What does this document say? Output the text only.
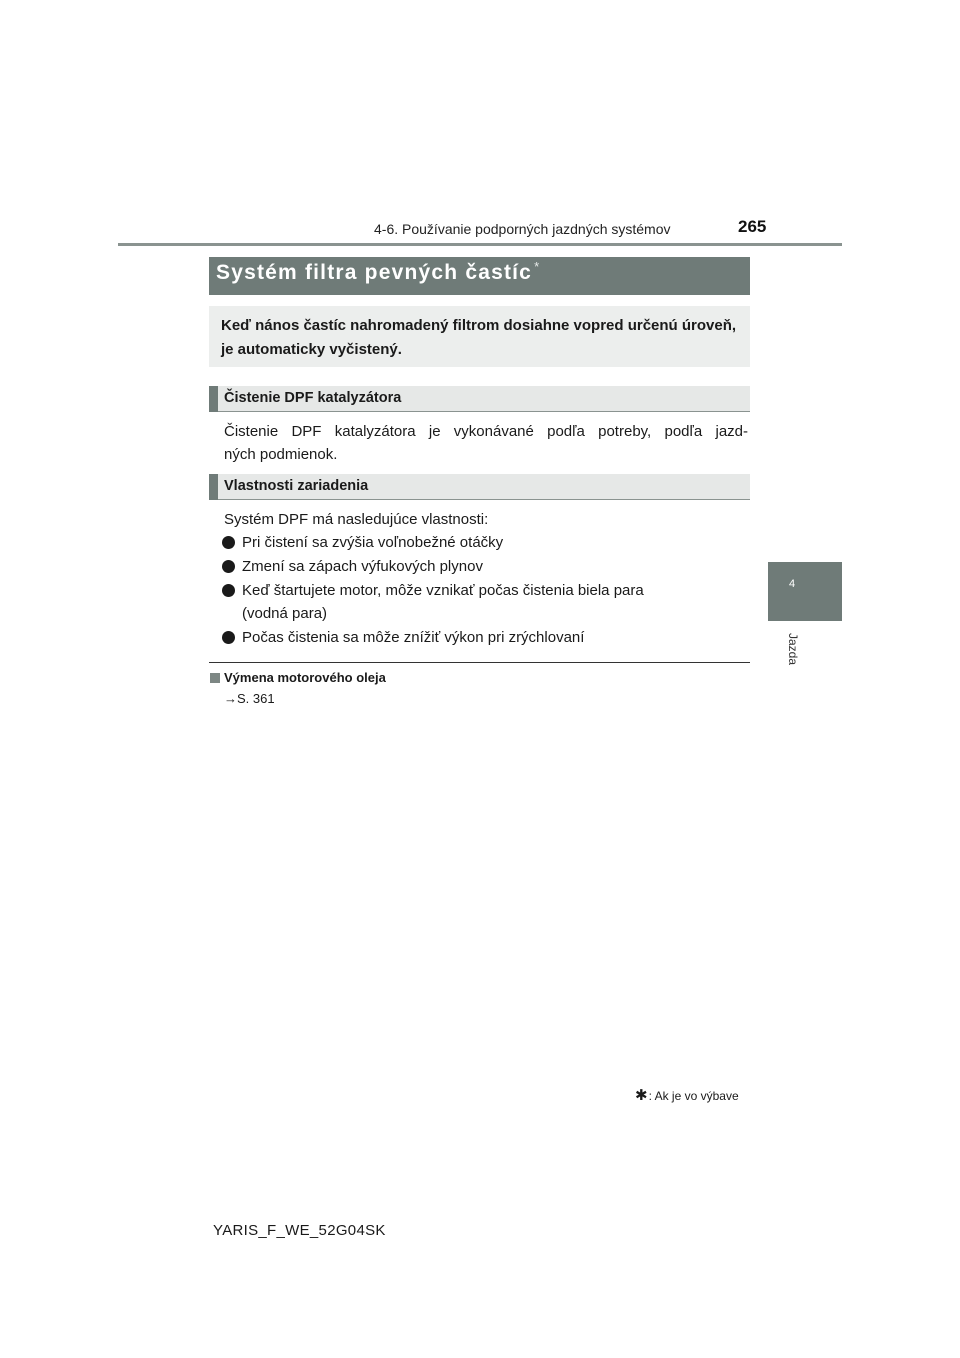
4-6. Používanie podporných jazdných systémov	265
4
Jazda
Systém filtra pevných častíc *
Keď nános častíc nahromadený filtrom dosiahne vopred určenú úroveň, je automaticky vyčistený.
Čistenie DPF katalyzátora
Čistenie DPF katalyzátora je vykonávané podľa potreby, podľa jazd-
ných podmienok.
Vlastnosti zariadenia
Systém DPF má nasledujúce vlastnosti:
Pri čistení sa zvýšia voľnobežné otáčky
Zmení sa zápach výfukových plynov
Keď štartujete motor, môže vznikať počas čistenia biela para
(vodná para)
Počas čistenia sa môže znížiť výkon pri zrýchlovaní
Výmena motorového oleja
→S. 361
✱: Ak je vo výbave
YARIS_F_WE_52G04SK
